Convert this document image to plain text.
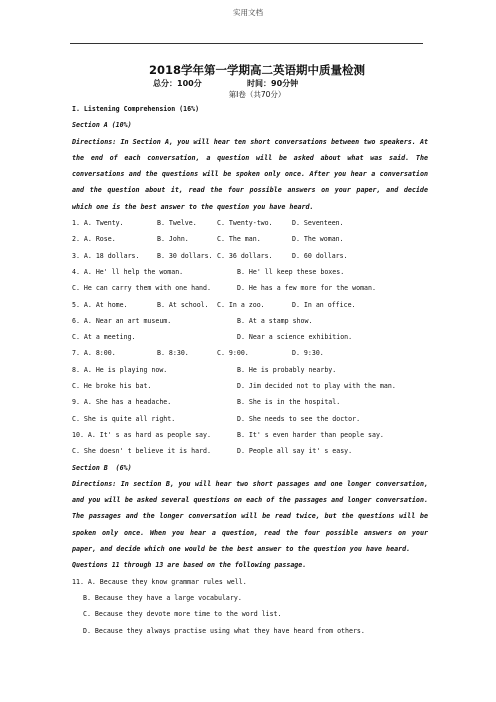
实用文档
2018学年第一学期高二英语期中质量检测
总分：100分	时间：90分钟
第Ⅰ卷（共70分）
I. Listening Comprehension (16%)
Section A (10%)
Directions: In Section A, you will hear ten short conversations between two speakers. At the end of each conversation, a question will be asked about what was said. The conversations and the questions will be spoken only once. After you hear a conversation and the question about it, read the four possible answers on your paper, and decide which one is the best answer to the question you have heard.
1. A. Twenty.	B. Twelve.	C. Twenty-two.	D. Seventeen.
2. A. Rose.	B. John.	C. The man.	D. The woman.
3. A. 18 dollars.	B. 30 dollars. C. 36 dollars.	D. 60 dollars.
4. A. He' ll help the woman.	B. He' ll keep these boxes.
C. He can carry them with one hand.	D. He has a few more for the woman.
5. A. At home.	B. At school. C. In a zoo.	D. In an office.
6. A. Near an art museum.	B. At a stamp show.
C. At a meeting.	D. Near a science exhibition.
7. A. 8:00.	B. 8:30.	C. 9:00.	D. 9:30.
8. A. He is playing now.	B. He is probably nearby.
C. He broke his bat.	D. Jim decided not to play with the man.
9. A. She has a headache.	B. She is in the hospital.
C. She is quite all right.	D. She needs to see the doctor.
10. A. It' s as hard as people say.	B. It' s even harder than people say.
C. She doesn' t believe it is hard.	D. People all say it' s easy.
Section B  (6%)
Directions: In section B, you will hear two short passages and one longer conversation, and you will be asked several questions on each of the passages and longer conversation. The passages and the longer conversation will be read twice, but the questions will be spoken only once. When you hear a question, read the four possible answers on your paper, and decide which one would be the best answer to the question you have heard.
Questions 11 through 13 are based on the following passage.
11. A. Because they know grammar rules well.
B. Because they have a large vocabulary.
C. Because they devote more time to the word list.
D. Because they always practise using what they have heard from others.
